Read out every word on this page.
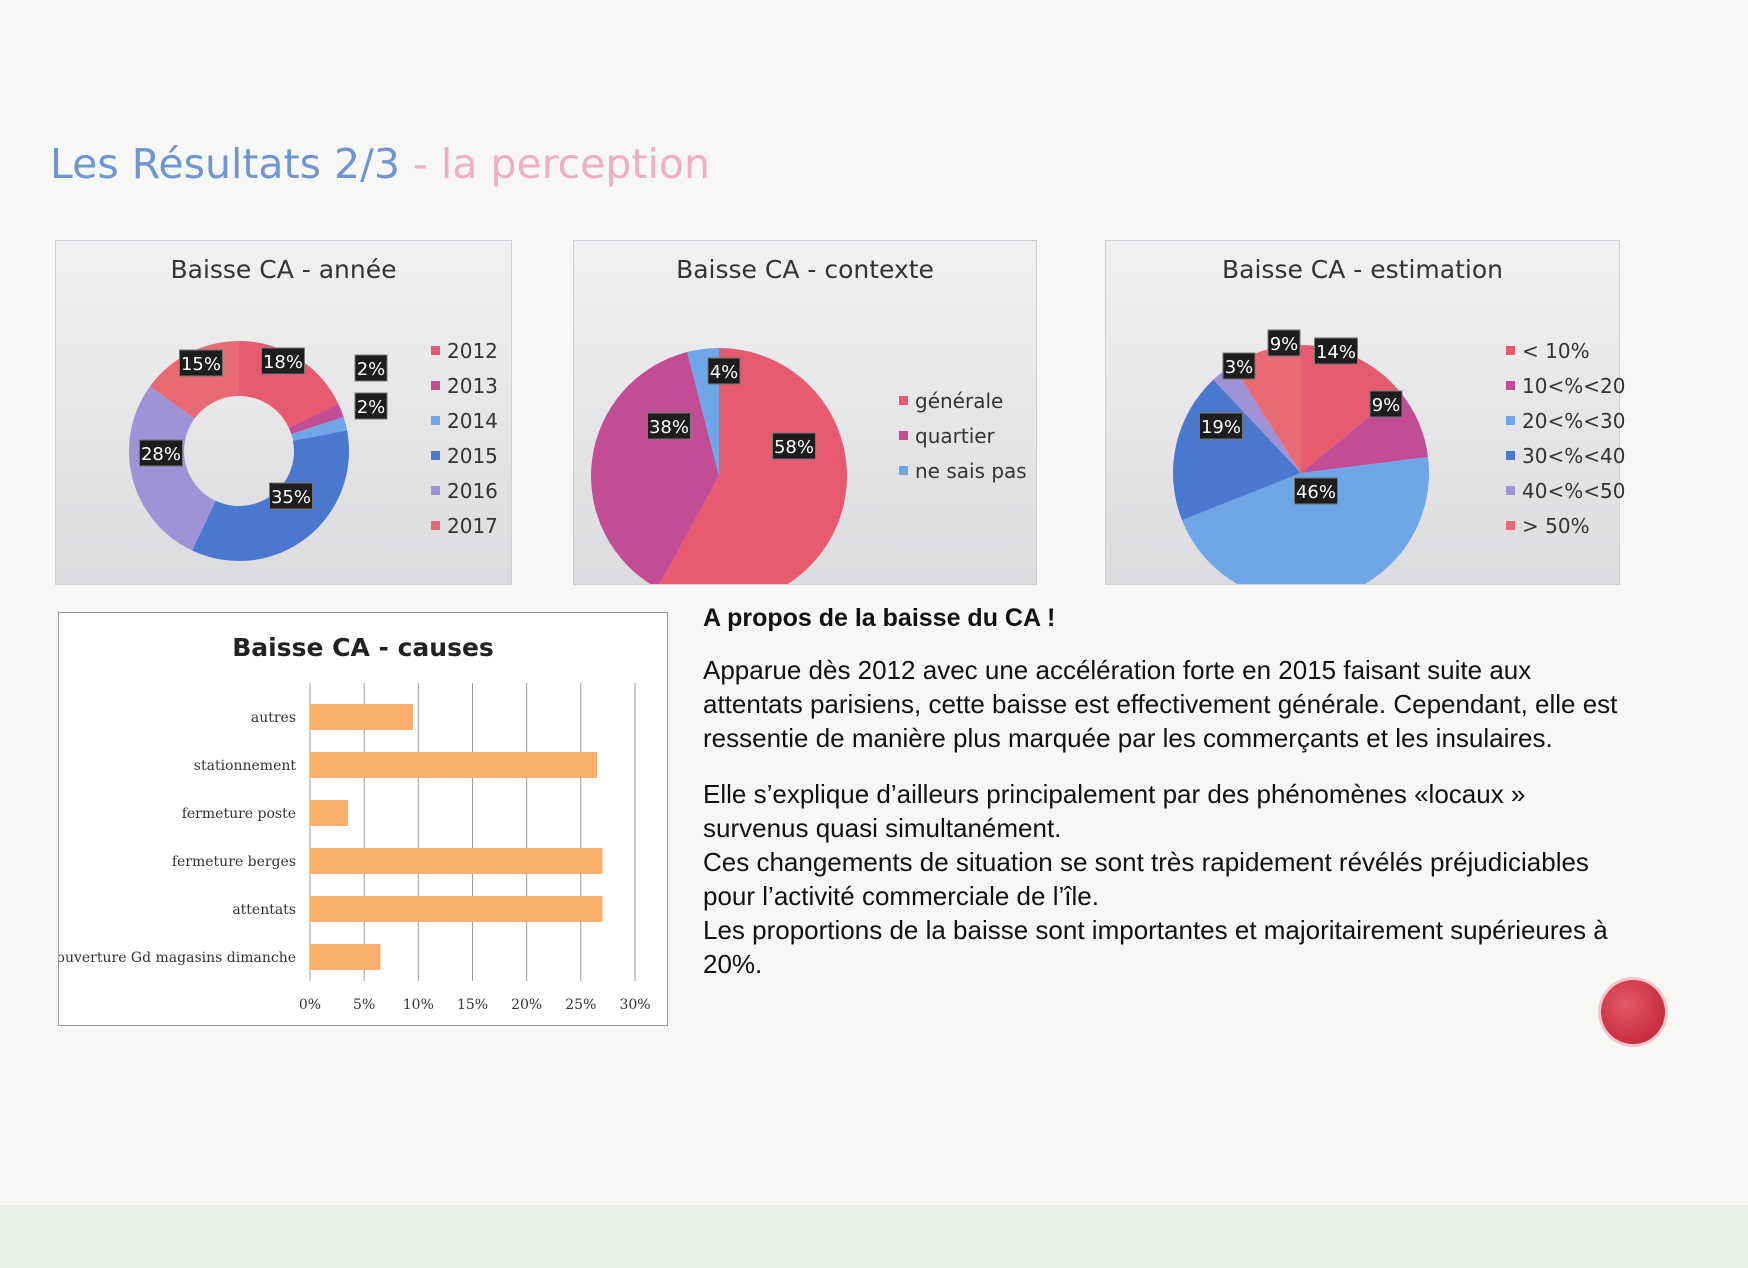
Les Résultats 2/3 - la perception
Baisse CA - année
18%	2%
2%
35%
28%
15%
2012
2013
2014
2015
2016
2017
Baisse CA - contexte
58%
38%
4%
générale
quartier
ne sais pas
Baisse CA - estimation
14%
9%
46%
19%
3%
9%	< 10%
10<%<20
20<%<30
30<%<40
40<%<50
> 50%
Baisse CA - causes
0% 5% 10% 15% 20% 25% 30%
autres
stationnement
fermeture poste
fermeture berges
attentats
ouverture Gd magasins dimanche
A propos de la baisse du CA !

Apparue dès 2012 avec une accélération forte en 2015 faisant suite aux attentats parisiens, cette baisse est effectivement générale. Cependant, elle est ressentie de manière plus marquée par les commerçants et les insulaires.

Elle s’explique d’ailleurs principalement par des phénomènes «locaux » survenus quasi simultanément.

Ces changements de situation se sont très rapidement révélés préjudiciables pour l’activité commerciale de l’île.

Les proportions de la baisse sont importantes et majoritairement supérieures à 20%.
